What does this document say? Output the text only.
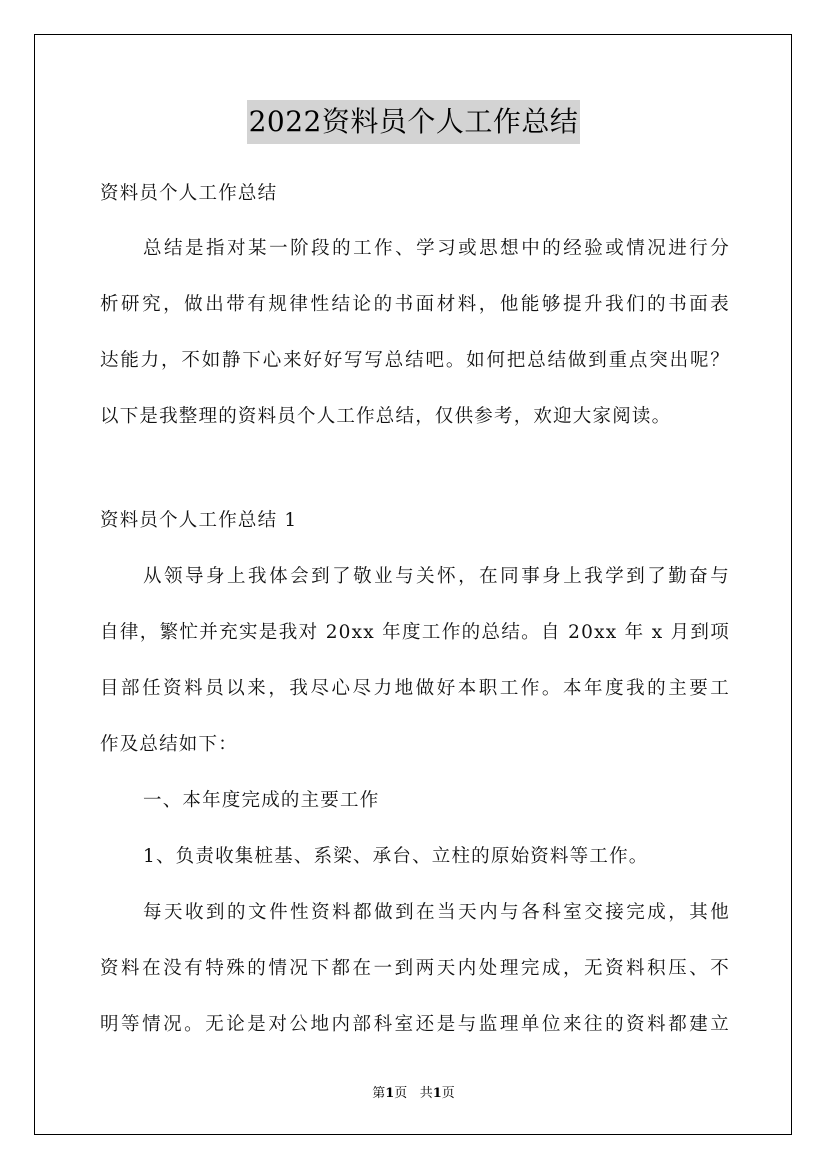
2022资料员个人工作总结
资料员个人工作总结
总结是指对某一阶段的工作、学习或思想中的经验或情况进行分
析研究，做出带有规律性结论的书面材料，他能够提升我们的书面表
达能力，不如静下心来好好写写总结吧。如何把总结做到重点突出呢？
以下是我整理的资料员个人工作总结，仅供参考，欢迎大家阅读。
资料员个人工作总结 1
从领导身上我体会到了敬业与关怀，在同事身上我学到了勤奋与
自律，繁忙并充实是我对 20xx 年度工作的总结。自 20xx 年 x 月到项
目部任资料员以来，我尽心尽力地做好本职工作。本年度我的主要工
作及总结如下：
一、本年度完成的主要工作
1、负责收集桩基、系梁、承台、立柱的原始资料等工作。
每天收到的文件性资料都做到在当天内与各科室交接完成，其他
资料在没有特殊的情况下都在一到两天内处理完成，无资料积压、不
明等情况。无论是对公地内部科室还是与监理单位来往的资料都建立
第1页 共1页
